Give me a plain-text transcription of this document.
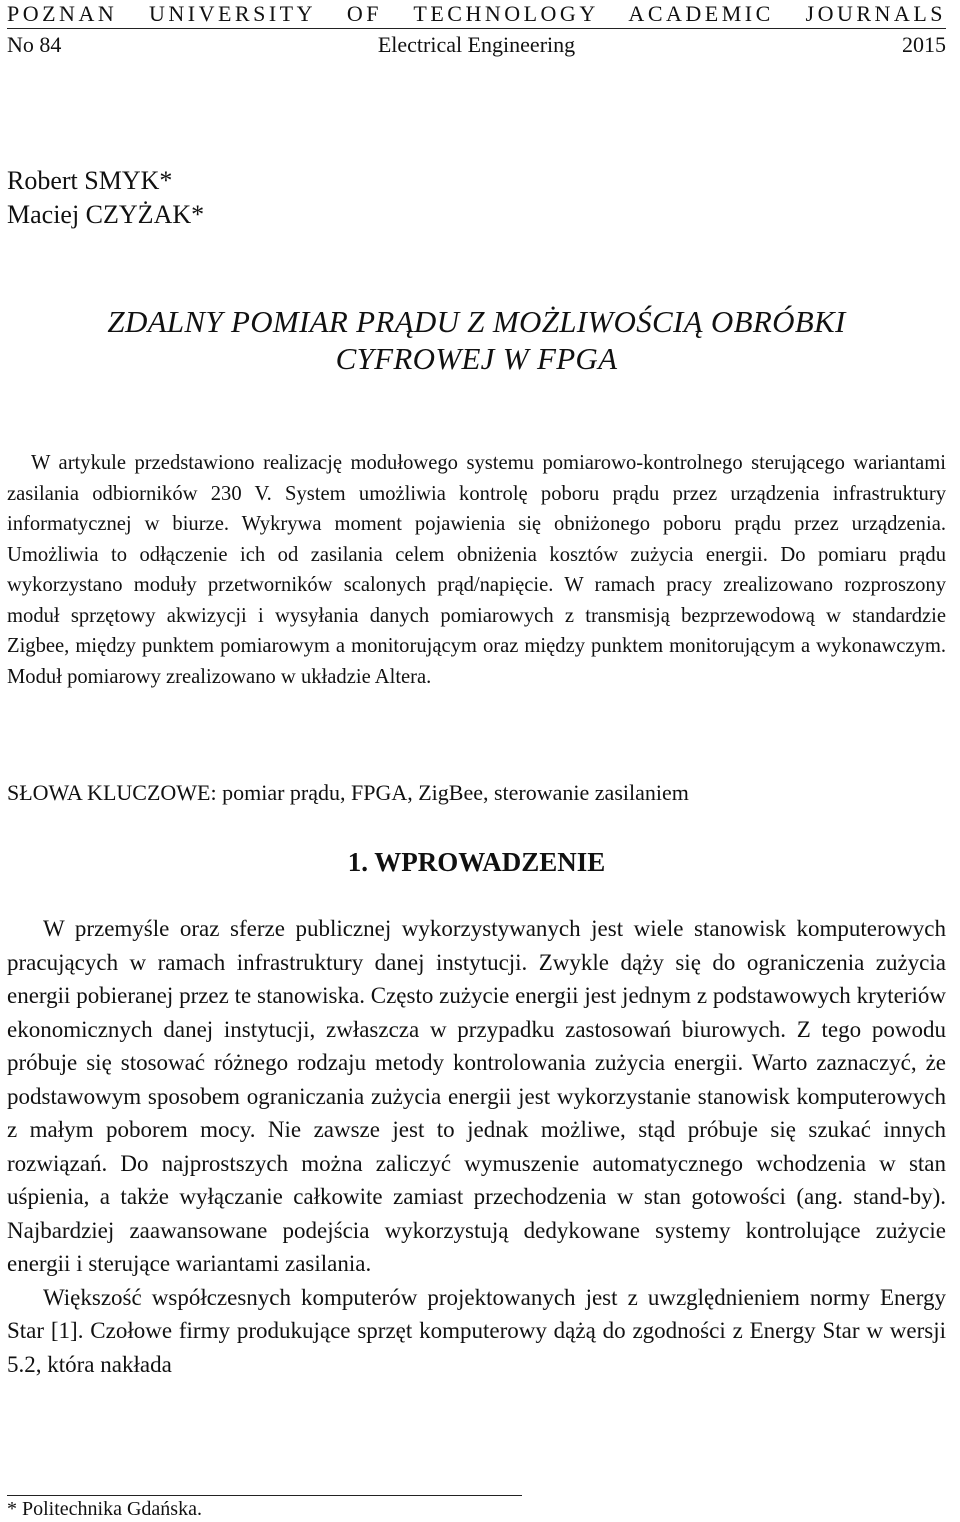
POZNAN UNIVERSITY OF TECHNOLOGY ACADEMIC JOURNALS
Electrical Engineering
No 84	2015
Robert SMYK*
Maciej CZYŻAK*
ZDALNY POMIAR PRĄDU Z MOŻLIWOŚCIĄ OBRÓBKI
CYFROWEJ W FPGA

W artykule przedstawiono realizację modułowego systemu pomiarowo-kontrolnego sterującego wariantami zasilania odbiorników 230 V. System umożliwia kontrolę poboru prądu przez urządzenia infrastruktury informatycznej w biurze. Wykrywa moment pojawienia się obniżonego poboru prądu przez urządzenia. Umożliwia to odłączenie ich od zasilania celem obniżenia kosztów zużycia energii. Do pomiaru prądu wykorzystano moduły przetworników scalonych prąd/napięcie. W ramach pracy zrealizowano rozproszony moduł sprzętowy akwizycji i wysyłania danych pomiarowych z transmisją bezprzewodową w standardzie Zigbee, między punktem pomiarowym a monitorującym oraz między punktem monitorującym a wykonawczym. Moduł pomiarowy zrealizowano w układzie Altera.

SŁOWA KLUCZOWE: pomiar prądu, FPGA, ZigBee, sterowanie zasilaniem
1. WPROWADZENIE

W przemyśle oraz sferze publicznej wykorzystywanych jest wiele stanowisk komputerowych pracujących w ramach infrastruktury danej instytucji. Zwykle dąży się do ograniczenia zużycia energii pobieranej przez te stanowiska. Często zużycie energii jest jednym z podstawowych kryteriów ekonomicznych danej instytucji, zwłaszcza w przypadku zastosowań biurowych. Z tego powodu próbuje się stosować różnego rodzaju metody kontrolowania zużycia energii. Warto zaznaczyć, że podstawowym sposobem ograniczania zużycia energii jest wykorzystanie stanowisk komputerowych z małym poborem mocy. Nie zawsze jest to jednak możliwe, stąd próbuje się szukać innych rozwiązań. Do najprostszych można zaliczyć wymuszenie automatycznego wchodzenia w stan uśpienia, a także wyłączanie całkowite zamiast przechodzenia w stan gotowości (ang. stand-by). Najbardziej zaawansowane podejścia wykorzystują dedykowane systemy kontrolujące zużycie energii i sterujące wariantami zasilania.

Większość współczesnych komputerów projektowanych jest z uwzględnieniem normy Energy Star [1]. Czołowe firmy produkujące sprzęt komputerowy dążą do zgodności z Energy Star w wersji 5.2, która nakłada

* Politechnika Gdańska.
